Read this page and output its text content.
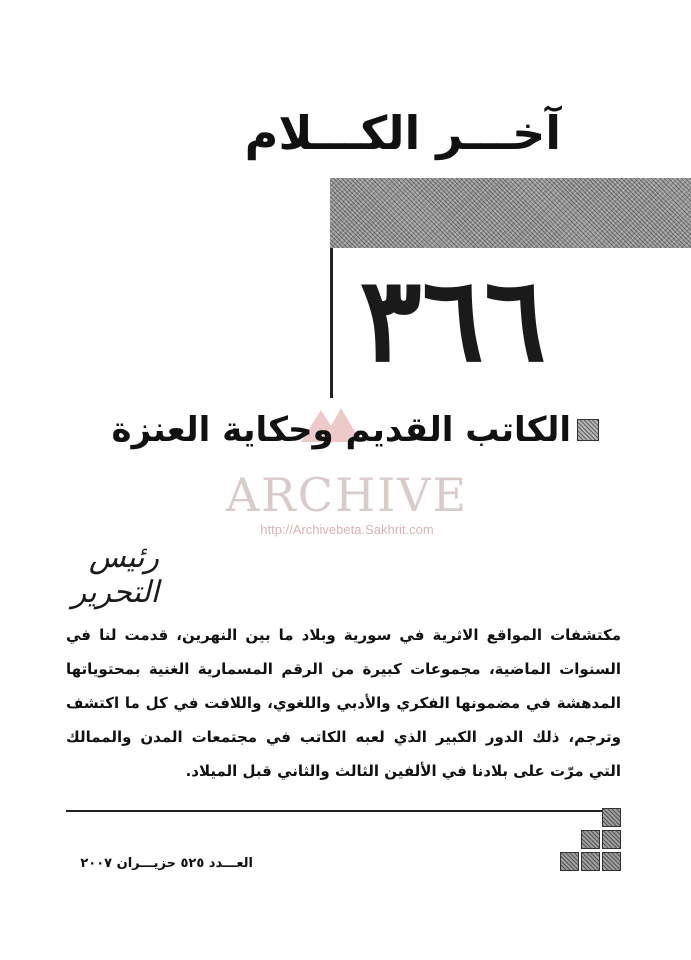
آخـــر الكـــلام
٣٦٦
الكاتب القديم وحكاية العنزة
ARCHIVE
http://Archivebeta.Sakhrit.com
رئيس التحرير
مكتشفات المواقع الاثرية في سورية وبلاد ما بين النهرين، قدمت لنا في السنوات الماضية، مجموعات كبيرة من الرقم المسمارية الغنية بمحتوياتها المدهشة في مضمونها الفكري والأدبي واللغوي، واللافت في كل ما اكتشف وترجم، ذلك الدور الكبير الذي لعبه الكاتب في مجتمعات المدن والممالك التي مرّت على بلادنا في الألفين الثالث والثاني قبل الميلاد.
العـــدد ٥٢٥ حزيـــران ٢٠٠٧
